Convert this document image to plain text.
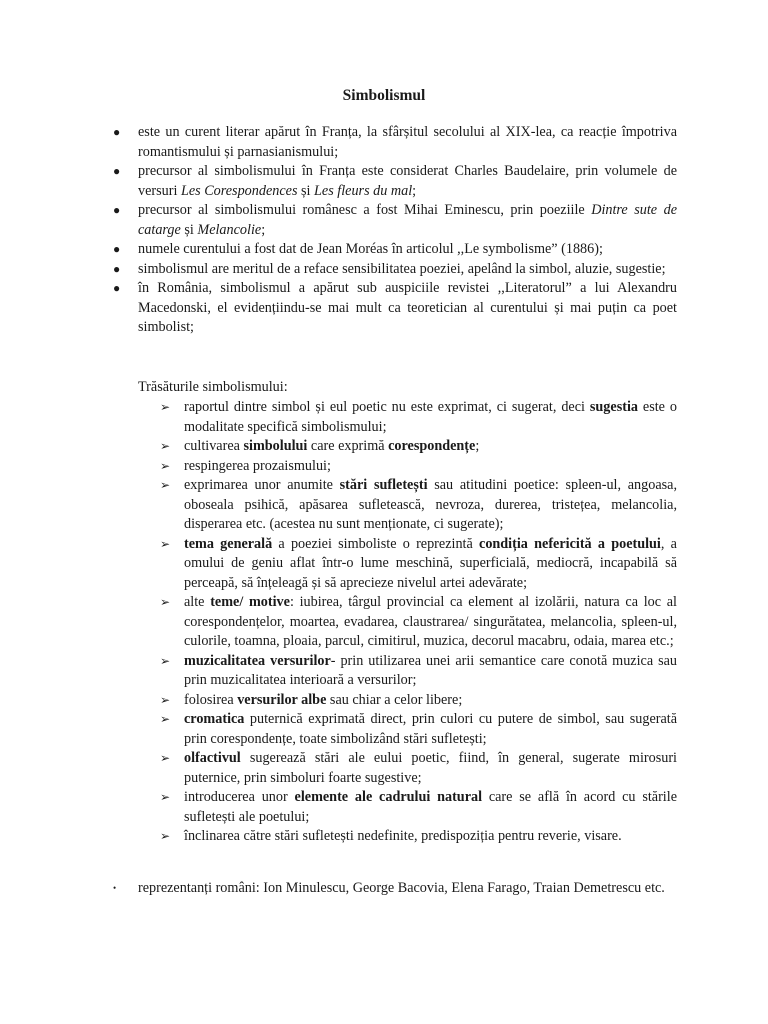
Simbolismul
● este un curent literar apărut în Franța, la sfârșitul secolului al XIX-lea, ca reacție împotriva romantismului și parnasianismului;
● precursor al simbolismului în Franța este considerat Charles Baudelaire, prin volumele de versuri Les Corespondences și Les fleurs du mal;
● precursor al simbolismului românesc a fost Mihai Eminescu, prin poeziile Dintre sute de catarge și Melancolie;
● numele curentului a fost dat de Jean Moréas în articolul ,,Le symbolisme” (1886);
● simbolismul are meritul de a reface sensibilitatea poeziei, apelând la simbol, aluzie, sugestie;
● în România, simbolismul a apărut sub auspiciile revistei ,,Literatorul” a lui Alexandru Macedonski, el evidențiindu-se mai mult ca teoretician al curentului și mai puțin ca poet simbolist;
Trăsăturile simbolismului:
➢ raportul dintre simbol și eul poetic nu este exprimat, ci sugerat, deci sugestia este o modalitate specifică simbolismului;
➢ cultivarea simbolului care exprimă corespondențe;
➢ respingerea prozaismului;
➢ exprimarea unor anumite stări sufletești sau atitudini poetice: spleen-ul, angoasa, oboseala psihică, apăsarea sufletească, nevroza, durerea, tristețea, melancolia, disperarea etc. (acestea nu sunt menționate, ci sugerate);
➢ tema generală a poeziei simboliste o reprezintă condiția nefericită a poetului, a omului de geniu aflat într-o lume meschină, superficială, mediocră, incapabilă să perceapă, să înțeleagă și să aprecieze nivelul artei adevărate;
➢ alte teme/ motive: iubirea, târgul provincial ca element al izolării, natura ca loc al corespondențelor, moartea, evadarea, claustrarea/ singurătatea, melancolia, spleen-ul, culorile, toamna, ploaia, parcul, cimitirul, muzica, decorul macabru, odaia, marea etc.;
➢ muzicalitatea versurilor- prin utilizarea unei arii semantice care conotă muzica sau prin muzicalitatea interioară a versurilor;
➢ folosirea versurilor albe sau chiar a celor libere;
➢ cromatica puternică exprimată direct, prin culori cu putere de simbol, sau sugerată prin corespondențe, toate simbolizând stări sufletești;
➢ olfactivul sugerează stări ale eului poetic, fiind, în general, sugerate mirosuri puternice, prin simboluri foarte sugestive;
➢ introducerea unor elemente ale cadrului natural care se află în acord cu stările sufletești ale poetului;
➢ înclinarea către stări sufletești nedefinite, predispoziția pentru reverie, visare.
• reprezentanți români: Ion Minulescu, George Bacovia, Elena Farago, Traian Demetrescu etc.
